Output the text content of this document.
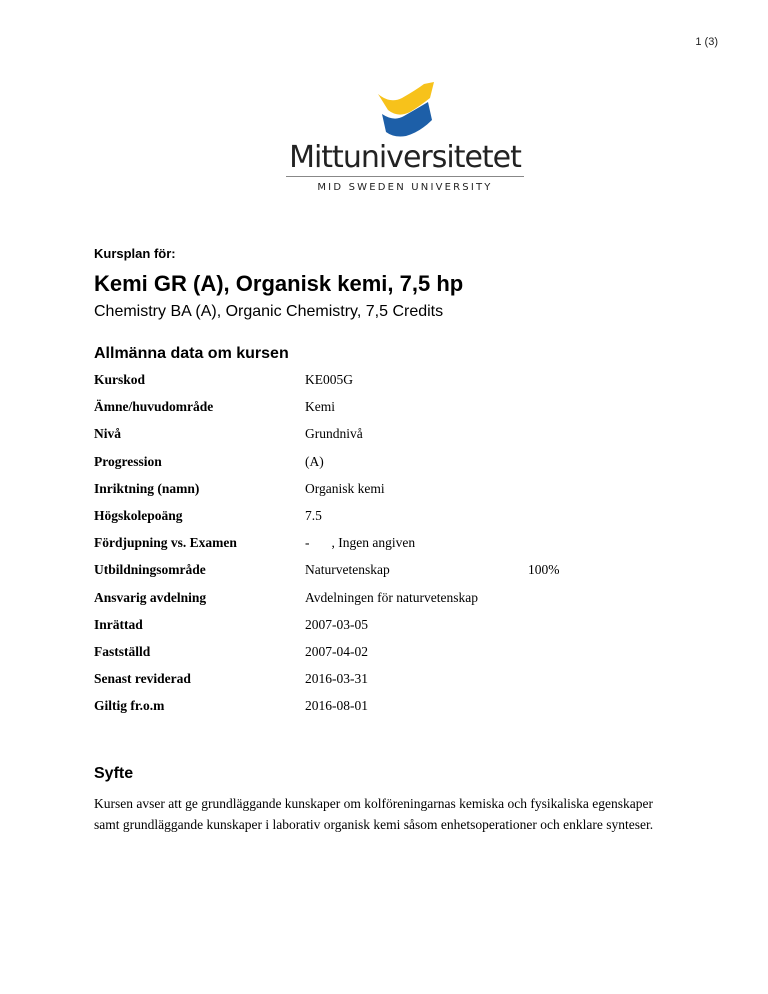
1 (3)
Mittuniversitetet
MID SWEDEN UNIVERSITY
Kursplan för:
Kemi GR (A), Organisk kemi, 7,5 hp
Chemistry BA (A), Organic Chemistry, 7,5 Credits
Allmänna data om kursen
Kurskod	KE005G
Ämne/huvudområde	Kemi
Nivå	Grundnivå
Progression	(A)
Inriktning (namn)	Organisk kemi
Högskolepoäng	7.5
Fördjupning vs. Examen	- , Ingen angiven
Utbildningsområde	Naturvetenskap	100%
Ansvarig avdelning	Avdelningen för naturvetenskap
Inrättad	2007-03-05
Fastställd	2007-04-02
Senast reviderad	2016-03-31
Giltig fr.o.m	2016-08-01
Syfte
Kursen avser att ge grundläggande kunskaper om kolföreningarnas kemiska och fysikaliska egenskaper samt grundläggande kunskaper i laborativ organisk kemi såsom enhetsoperationer och enklare synteser.
